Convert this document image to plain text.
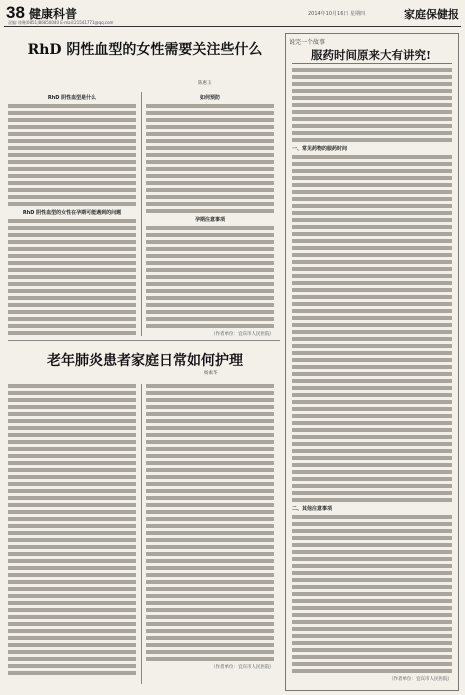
38 健康科普
责编:刘俐(0851)86650040 E-mail:21541771@qq.com
2014年10月16日 星期四	家庭保健报
RhD 阴性血型的女性需要关注些什么
陈惠玉
RhD 阴性血型是什么
RhD 阴性血型的女性在孕期可能遇到的问题
如何预防
孕期注意事项
（作者单位：宜宾市人民医院）
老年肺炎患者家庭日常如何护理
杨素华
（作者单位：宜宾市人民医院）
说完一个故事
服药时间原来大有讲究!
一、常见药物的服药时间
二、其他注意事项
（作者单位：宜宾市人民医院）
